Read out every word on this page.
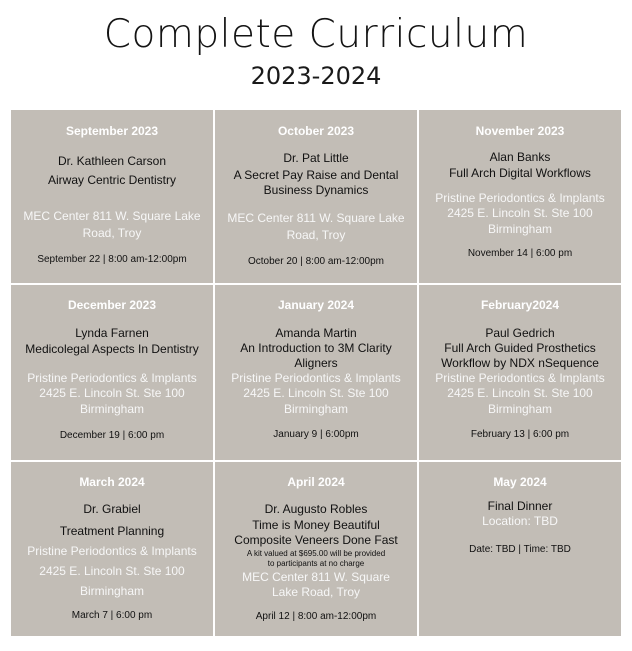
Complete Curriculum
2023-2024
September 2023
Dr. Kathleen Carson
Airway Centric Dentistry
MEC Center 811 W. Square Lake
Road, Troy
September 22 | 8:00 am-12:00pm
October 2023
Dr. Pat Little
A Secret Pay Raise and Dental
Business Dynamics
MEC Center 811 W. Square Lake
Road, Troy
October 20 | 8:00 am-12:00pm
November 2023
Alan Banks
Full Arch Digital Workflows
Pristine Periodontics & Implants
2425 E. Lincoln St. Ste 100
Birmingham
November 14 | 6:00 pm
December 2023
Lynda Farnen
Medicolegal Aspects In Dentistry
Pristine Periodontics & Implants
2425 E. Lincoln St. Ste 100
Birmingham
December 19 | 6:00 pm
January 2024
Amanda Martin
An Introduction to 3M Clarity
Aligners
Pristine Periodontics & Implants
2425 E. Lincoln St. Ste 100
Birmingham
January 9 | 6:00pm
February2024
Paul Gedrich
Full Arch Guided Prosthetics
Workflow by NDX nSequence
Pristine Periodontics & Implants
2425 E. Lincoln St. Ste 100
Birmingham
February 13 | 6:00 pm
March 2024
Dr. Grabiel
Treatment Planning
Pristine Periodontics & Implants
2425 E. Lincoln St. Ste 100
Birmingham
March 7 | 6:00 pm
April 2024
Dr. Augusto Robles
Time is Money Beautiful
Composite Veneers Done Fast
A kit valued at $695.00 will be provided
to participants at no charge
MEC Center 811 W. Square
Lake Road, Troy
April 12 | 8:00 am-12:00pm
May 2024
Final Dinner
Location: TBD
Date: TBD | Time: TBD
